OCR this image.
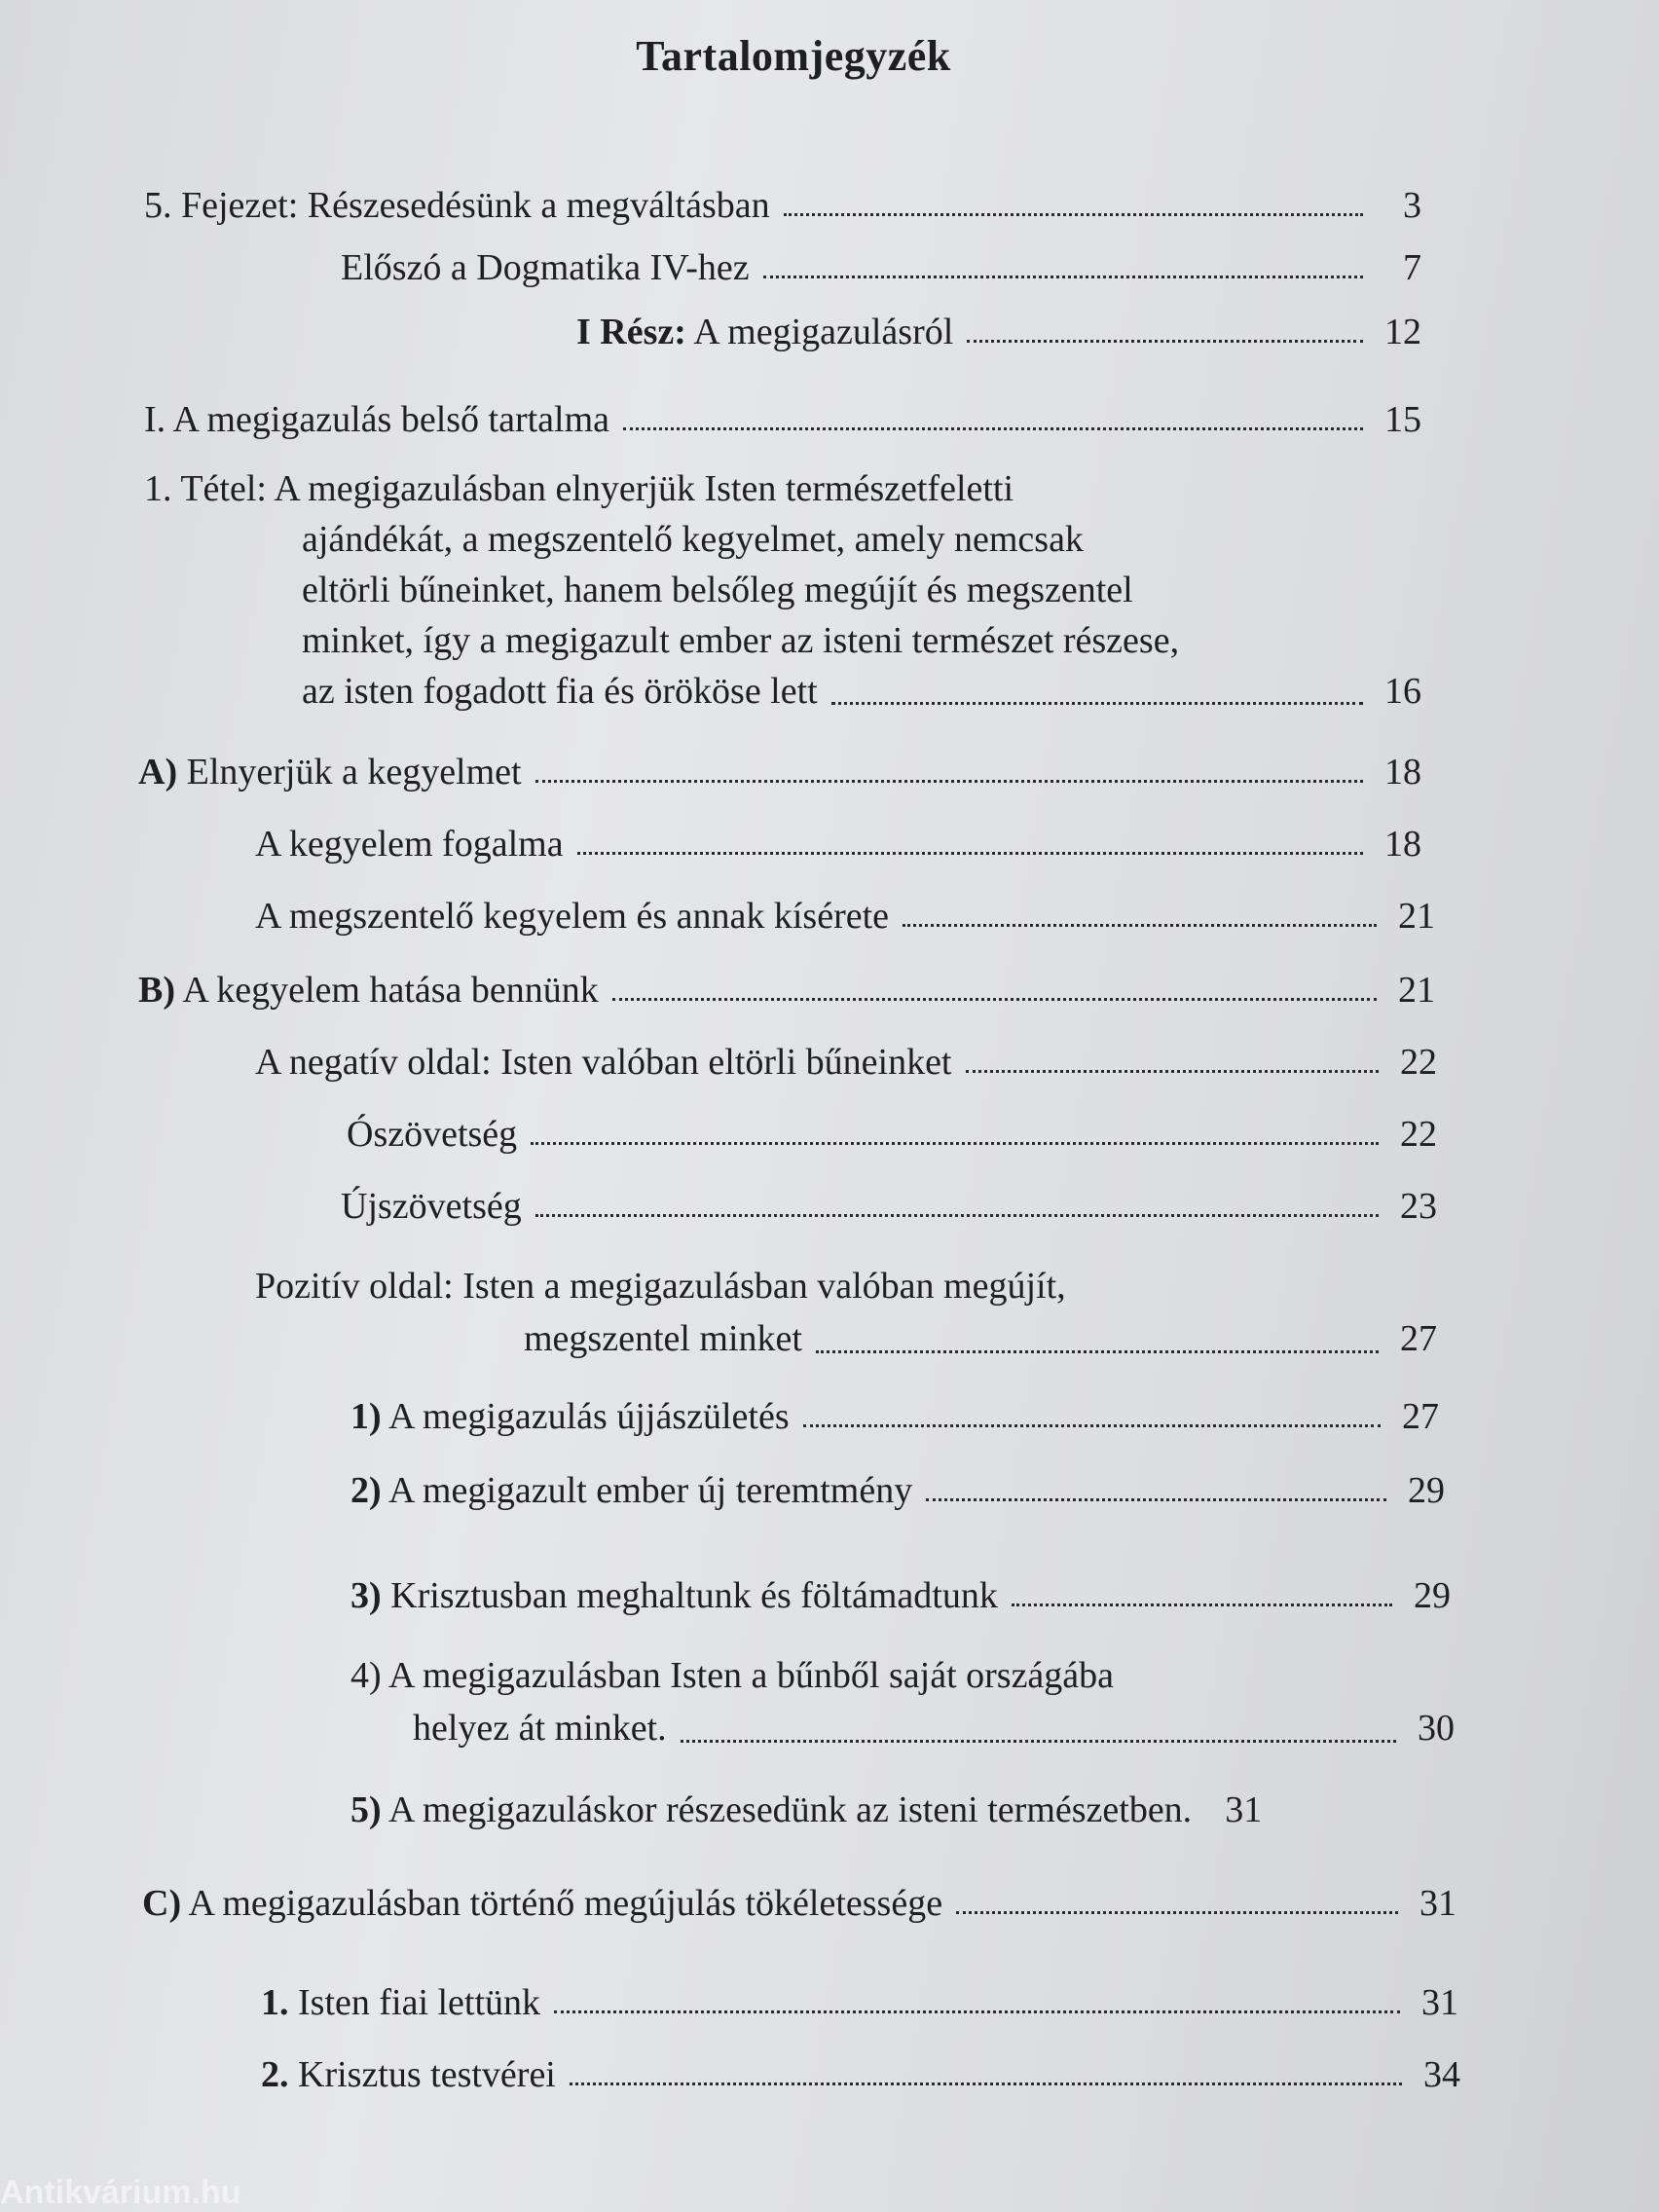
Tartalomjegyzék
5. Fejezet: Részesedésünk a megváltásban	3
Előszó a Dogmatika IV-hez	7
I Rész: A megigazulásról	12
I. A megigazulás belső tartalma	15
1. Tétel: A megigazulásban elnyerjük Isten természetfeletti
ajándékát, a megszentelő kegyelmet, amely nemcsak
eltörli bűneinket, hanem belsőleg megújít és megszentel
minket, így a megigazult ember az isteni természet részese,
az isten fogadott fia és örököse lett	16
A) Elnyerjük a kegyelmet	18
A kegyelem fogalma	18
A megszentelő kegyelem és annak kísérete	21
B) A kegyelem hatása bennünk	21
A negatív oldal: Isten valóban eltörli bűneinket	22
Ószövetség	22
Újszövetség	23
Pozitív oldal: Isten a megigazulásban valóban megújít,
megszentel minket	27
1) A megigazulás újjászületés	27
2) A megigazult ember új teremtmény	29
3) Krisztusban meghaltunk és föltámadtunk	29
4) A megigazulásban Isten a bűnből saját országába
helyez át minket.	30
5) A megigazuláskor részesedünk az isteni természetben. 31
C) A megigazulásban történő megújulás tökéletessége	31
1. Isten fiai lettünk	31
2. Krisztus testvérei	34
Antikvárium.hu
